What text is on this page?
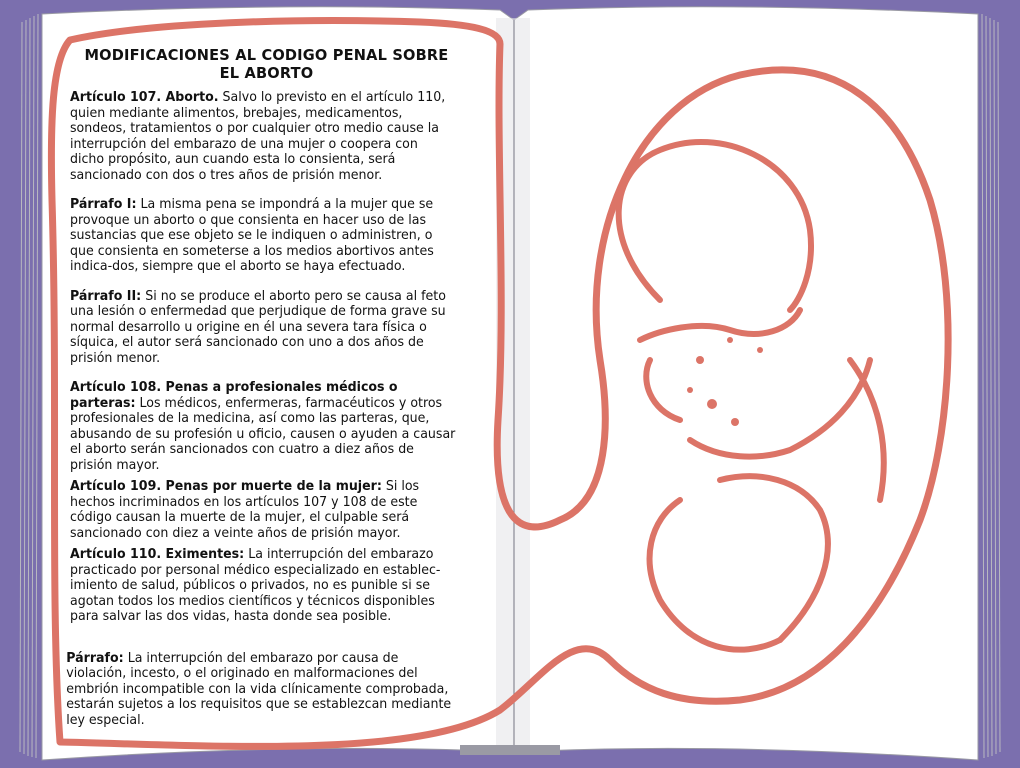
MODIFICACIONES AL CODIGO PENAL SOBRE EL ABORTO

Artículo 107. Aborto. Salvo lo previsto en el artículo 110, quien mediante alimentos, brebajes, medicamentos, sondeos, tratamientos o por cualquier otro medio cause la interrupción del embarazo de una mujer o coopera con dicho propósito, aun cuando esta lo consienta, será sancionado con dos o tres años de prisión menor.

Párrafo I: La misma pena se impondrá a la mujer que se provoque un aborto o que consienta en hacer uso de las sustancias que ese objeto se le indiquen o administren, o que consienta en someterse a los medios abortivos antes indica-dos, siempre que el aborto se haya efectuado.

Párrafo II: Si no se produce el aborto pero se causa al feto una lesión o enfermedad que perjudique de forma grave su normal desarrollo u origine en él una severa tara física o síquica, el autor será sancionado con uno a dos años de prisión menor.

Artículo 108. Penas a profesionales médicos o parteras: Los médicos, enfermeras, farmacéuticos y otros profesionales de la medicina, así como las parteras, que, abusando de su profesión u oficio, causen o ayuden a causar el aborto serán sancionados con cuatro a diez años de prisión mayor.

Artículo 109. Penas por muerte de la mujer: Si los hechos incriminados en los artículos 107 y 108 de este código causan la muerte de la mujer, el culpable será sancionado con diez a veinte años de prisión mayor.

Artículo 110. Eximentes: La interrupción del embarazo practicado por personal médico especializado en establec-imiento de salud, públicos o privados, no es punible si se agotan todos los medios científicos y técnicos disponibles para salvar las dos vidas, hasta donde sea posible.

Párrafo: La interrupción del embarazo por causa de violación, incesto, o el originado en malformaciones del embrión incompatible con la vida clínicamente comprobada, estarán sujetos a los requisitos que se establezcan mediante ley especial.
